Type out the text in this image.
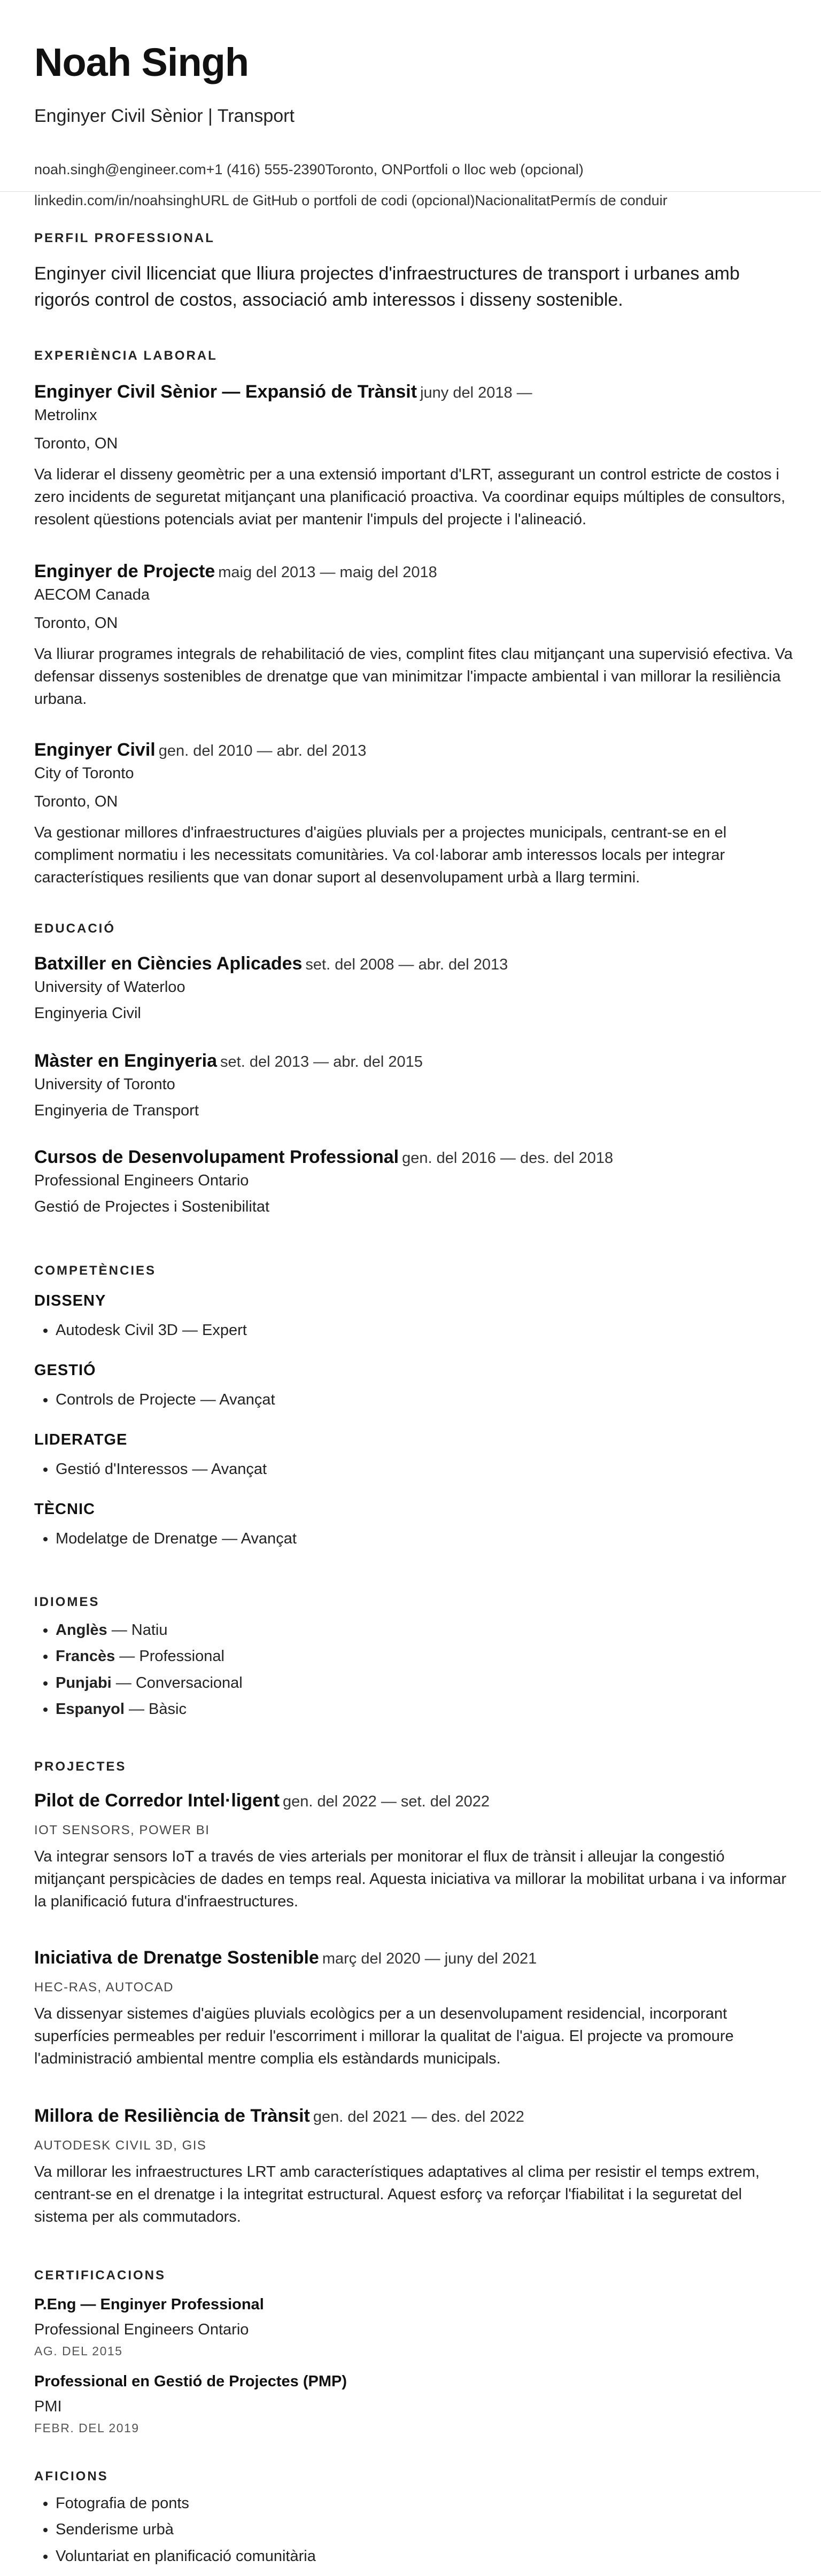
Noah Singh
Enginyer Civil Sènior | Transport
noah.singh@engineer.com+1 (416) 555-2390Toronto, ONPortfoli o lloc web (opcional)
linkedin.com/in/noahsinghURL de GitHub o portfoli de codi (opcional)NacionalitatPermís de conduir
PERFIL PROFESSIONAL
Enginyer civil llicenciat que lliura projectes d'infraestructures de transport i urbanes amb rigorós control de costos, associació amb interessos i disseny sostenible.
EXPERIÈNCIA LABORAL
Enginyer Civil Sènior — Expansió de Trànsit juny del 2018 —
Metrolinx
Toronto, ON
Va liderar el disseny geomètric per a una extensió important d'LRT, assegurant un control estricte de costos i zero incidents de seguretat mitjançant una planificació proactiva. Va coordinar equips múltiples de consultors, resolent qüestions potencials aviat per mantenir l'impuls del projecte i l'alineació.
Enginyer de Projecte maig del 2013 — maig del 2018
AECOM Canada
Toronto, ON
Va lliurar programes integrals de rehabilitació de vies, complint fites clau mitjançant una supervisió efectiva. Va defensar dissenys sostenibles de drenatge que van minimitzar l'impacte ambiental i van millorar la resiliència urbana.
Enginyer Civil gen. del 2010 — abr. del 2013
City of Toronto
Toronto, ON
Va gestionar millores d'infraestructures d'aigües pluvials per a projectes municipals, centrant-se en el compliment normatiu i les necessitats comunitàries. Va col·laborar amb interessos locals per integrar característiques resilients que van donar suport al desenvolupament urbà a llarg termini.
EDUCACIÓ
Batxiller en Ciències Aplicades set. del 2008 — abr. del 2013
University of Waterloo
Enginyeria Civil
Màster en Enginyeria set. del 2013 — abr. del 2015
University of Toronto
Enginyeria de Transport
Cursos de Desenvolupament Professional gen. del 2016 — des. del 2018
Professional Engineers Ontario
Gestió de Projectes i Sostenibilitat
COMPETÈNCIES
DISSENY
• Autodesk Civil 3D — Expert
GESTIÓ
• Controls de Projecte — Avançat
LIDERATGE
• Gestió d'Interessos — Avançat
TÈCNIC
• Modelatge de Drenatge — Avançat
IDIOMES
• Anglès — Natiu
• Francès — Professional
• Punjabi — Conversacional
• Espanyol — Bàsic
PROJECTES
Pilot de Corredor Intel·ligent gen. del 2022 — set. del 2022
IOT SENSORS, POWER BI
Va integrar sensors IoT a través de vies arterials per monitorar el flux de trànsit i alleujar la congestió mitjançant perspicàcies de dades en temps real. Aquesta iniciativa va millorar la mobilitat urbana i va informar la planificació futura d'infraestructures.
Iniciativa de Drenatge Sostenible març del 2020 — juny del 2021
HEC-RAS, AUTOCAD
Va dissenyar sistemes d'aigües pluvials ecològics per a un desenvolupament residencial, incorporant superfícies permeables per reduir l'escorriment i millorar la qualitat de l'aigua. El projecte va promoure l'administració ambiental mentre complia els estàndards municipals.
Millora de Resiliència de Trànsit gen. del 2021 — des. del 2022
AUTODESK CIVIL 3D, GIS
Va millorar les infraestructures LRT amb característiques adaptatives al clima per resistir el temps extrem, centrant-se en el drenatge i la integritat estructural. Aquest esforç va reforçar l'fiabilitat i la seguretat del sistema per als commutadors.
CERTIFICACIONS
P.Eng — Enginyer Professional
Professional Engineers Ontario
AG. DEL 2015
Professional en Gestió de Projectes (PMP)
PMI
FEBR. DEL 2019
AFICIONS
• Fotografia de ponts
• Senderisme urbà
• Voluntariat en planificació comunitària
